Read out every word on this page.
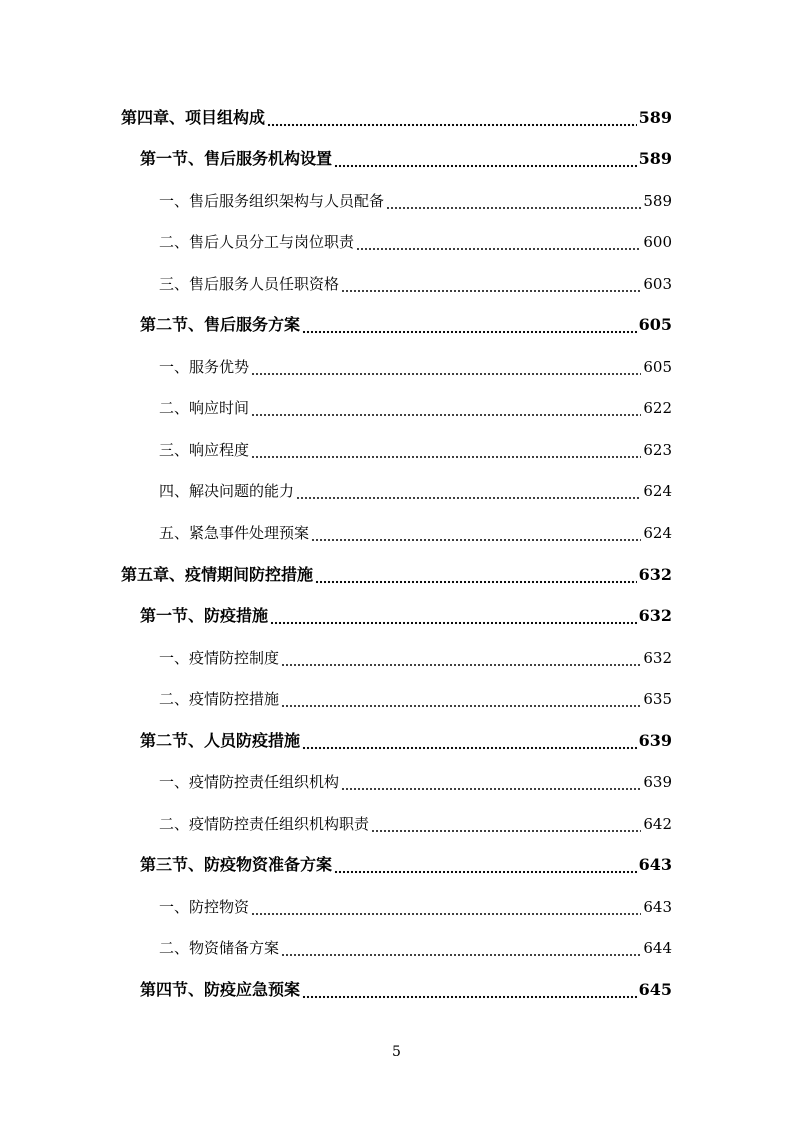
第四章、项目组构成	589
第一节、售后服务机构设置	589
一、售后服务组织架构与人员配备	589
二、售后人员分工与岗位职责	600
三、售后服务人员任职资格	603
第二节、售后服务方案	605
一、服务优势	605
二、响应时间	622
三、响应程度	623
四、解决问题的能力	624
五、紧急事件处理预案	624
第五章、疫情期间防控措施	632
第一节、防疫措施	632
一、疫情防控制度	632
二、疫情防控措施	635
第二节、人员防疫措施	639
一、疫情防控责任组织机构	639
二、疫情防控责任组织机构职责	642
第三节、防疫物资准备方案	643
一、防控物资	643
二、物资储备方案	644
第四节、防疫应急预案	645
5
